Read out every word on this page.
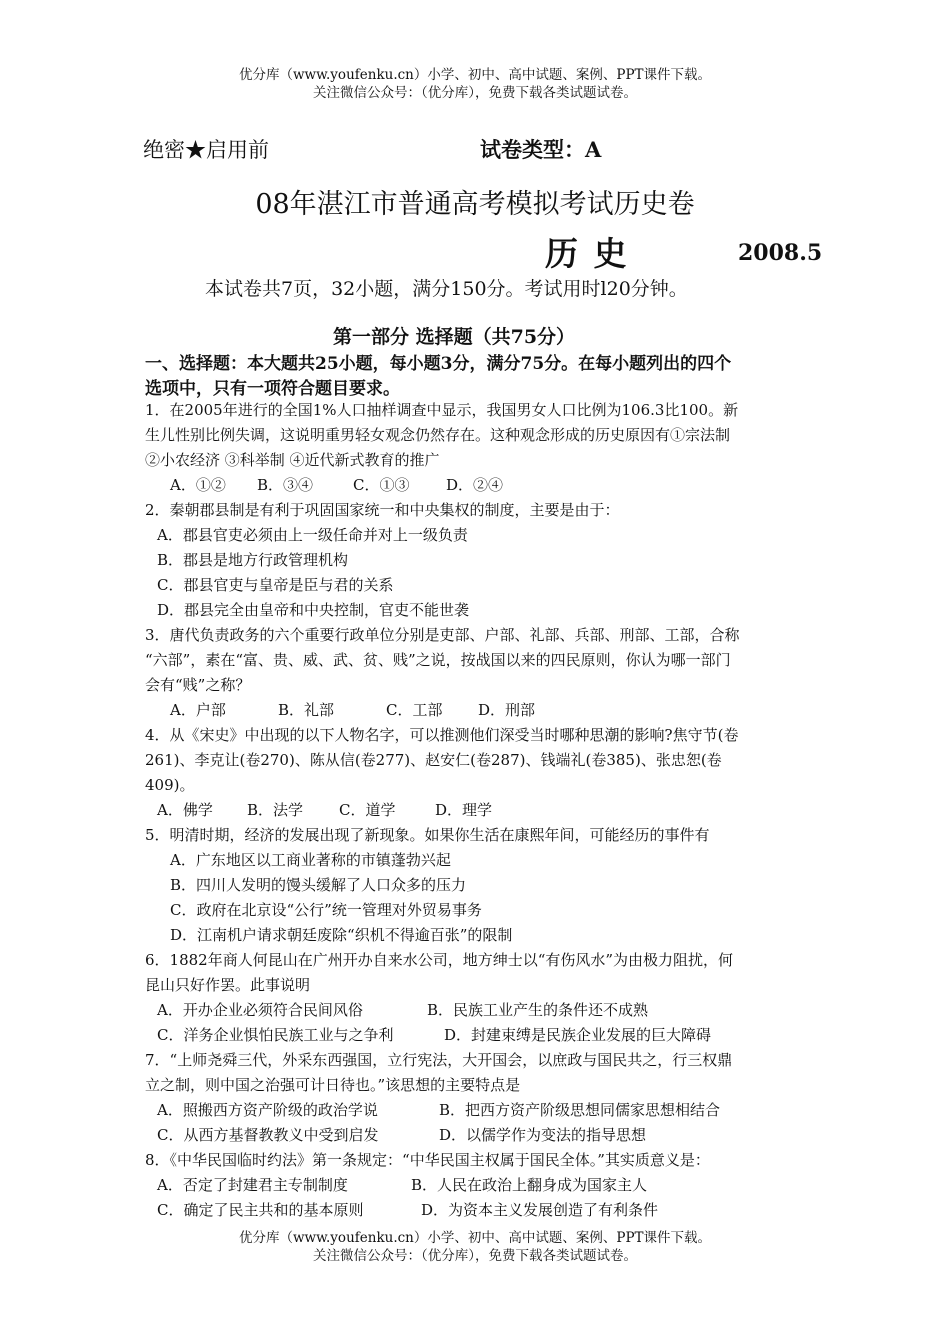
优分库（www.youfenku.cn）小学、初中、高中试题、案例、PPT课件下载。
关注微信公众号：（优分库），免费下载各类试题试卷。
绝密★启用前	试卷类型：A
08年湛江市普通高考模拟考试历史卷
历 史	2008.5
本试卷共7页，32小题，满分150分。考试用时l20分钟。
第一部分 选择题（共75分）
一、选择题：本大题共25小题，每小题3分，满分75分。在每小题列出的四个
选项中，只有一项符合题目要求。
1．在2005年进行的全国1%人口抽样调查中显示，我国男女人口比例为106.3比100。新
生儿性别比例失调，这说明重男轻女观念仍然存在。这种观念形成的历史原因有①宗法制
②小农经济 ③科举制 ④近代新式教育的推广
A．①② B．③④	C．①③ D．②④
2．秦朝郡县制是有利于巩固国家统一和中央集权的制度，主要是由于：
A．郡县官吏必须由上一级任命并对上一级负责
B．郡县是地方行政管理机构
C．郡县官吏与皇帝是臣与君的关系
D．郡县完全由皇帝和中央控制，官吏不能世袭
3．唐代负责政务的六个重要行政单位分别是吏部、户部、礼部、兵部、刑部、工部，合称
“六部”，素在“富、贵、威、武、贫、贱”之说，按战国以来的四民原则，你认为哪一部门
会有“贱”之称？
A．户部	B．礼部	C．工部 D．刑部
4．从《宋史》中出现的以下人物名字，可以推测他们深受当时哪种思潮的影响?焦守节(卷
261)、李克让(卷270)、陈从信(卷277)、赵安仁(卷287)、钱端礼(卷385)、张忠恕(卷
409)。
A．佛学 B．法学 C．道学	D．理学
5．明清时期，经济的发展出现了新现象。如果你生活在康熙年间，可能经历的事件有
A．广东地区以工商业著称的市镇蓬勃兴起
B．四川人发明的馒头缓解了人口众多的压力
C．政府在北京设“公行”统一管理对外贸易事务
D．江南机户请求朝廷废除“织机不得逾百张”的限制
6．1882年商人何昆山在广州开办自来水公司，地方绅士以“有伤风水”为由极力阻扰，何
昆山只好作罢。此事说明
A．开办企业必须符合民间风俗	B．民族工业产生的条件还不成熟
C．洋务企业惧怕民族工业与之争利	D．封建束缚是民族企业发展的巨大障碍
7．“上师尧舜三代，外采东西强国，立行宪法，大开国会，以庶政与国民共之，行三权鼎
立之制，则中国之治强可计日待也。”该思想的主要特点是
A．照搬西方资产阶级的政治学说	B．把西方资产阶级思想同儒家思想相结合
C．从西方基督教教义中受到启发	D．以儒学作为变法的指导思想
8．《中华民国临时约法》第一条规定：“中华民国主权属于国民全体。”其实质意义是：
A．否定了封建君主专制制度	B．人民在政治上翻身成为国家主人
C．确定了民主共和的基本原则	D．为资本主义发展创造了有利条件
优分库（www.youfenku.cn）小学、初中、高中试题、案例、PPT课件下载。
关注微信公众号：（优分库），免费下载各类试题试卷。
